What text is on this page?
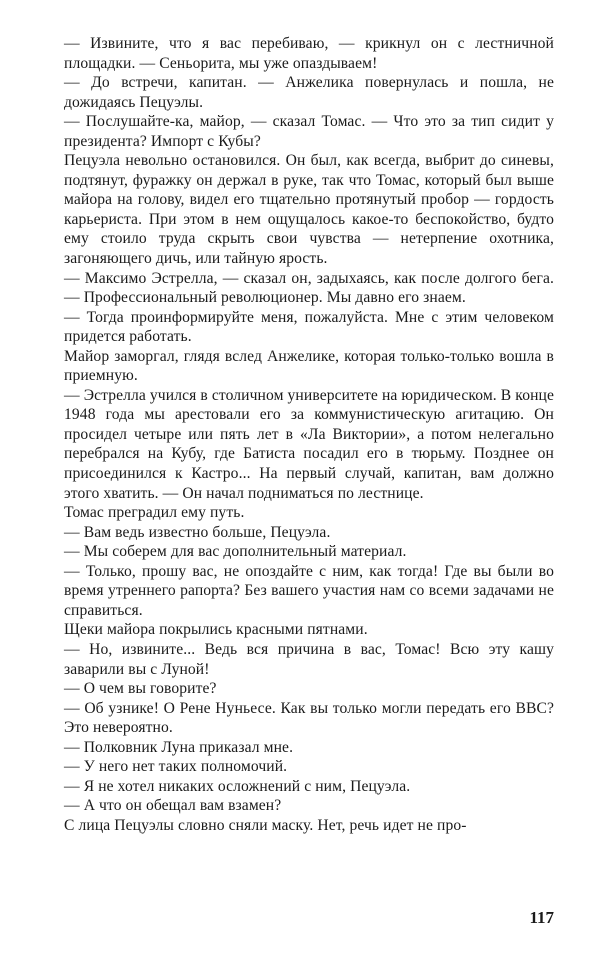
— Извините, что я вас перебиваю, — крикнул он с лестничной площадки. — Сеньорита, мы уже опаздываем!

— До встречи, капитан. — Анжелика повернулась и пошла, не дожидаясь Пецуэлы.

— Послушайте-ка, майор, — сказал Томас. — Что это за тип сидит у президента? Импорт с Кубы?

Пецуэла невольно остановился. Он был, как всегда, выбрит до синевы, подтянут, фуражку он держал в руке, так что Томас, который был выше майора на голову, видел его тщательно протянутый пробор — гордость карьериста. При этом в нем ощущалось какое-то беспокойство, будто ему стоило труда скрыть свои чувства — нетерпение охотника, загоняющего дичь, или тайную ярость.

— Максимо Эстрелла, — сказал он, задыхаясь, как после долгого бега. — Профессиональный революционер. Мы давно его знаем.

— Тогда проинформируйте меня, пожалуйста. Мне с этим человеком придется работать.

Майор заморгал, глядя вслед Анжелике, которая только-только вошла в приемную.

— Эстрелла учился в столичном университете на юридическом. В конце 1948 года мы арестовали его за коммунистическую агитацию. Он просидел четыре или пять лет в «Ла Виктории», а потом нелегально перебрался на Кубу, где Батиста посадил его в тюрьму. Позднее он присоединился к Кастро... На первый случай, капитан, вам должно этого хватить. — Он начал подниматься по лестнице.

Томас преградил ему путь.

— Вам ведь известно больше, Пецуэла.

— Мы соберем для вас дополнительный материал.

— Только, прошу вас, не опоздайте с ним, как тогда! Где вы были во время утреннего рапорта? Без вашего участия нам со всеми задачами не справиться.

Щеки майора покрылись красными пятнами.

— Но, извините... Ведь вся причина в вас, Томас! Всю эту кашу заварили вы с Луной!

— О чем вы говорите?

— Об узнике! О Рене Нуньесе. Как вы только могли передать его ВВС? Это невероятно.

— Полковник Луна приказал мне.

— У него нет таких полномочий.

— Я не хотел никаких осложнений с ним, Пецуэла.

— А что он обещал вам взамен?

С лица Пецуэлы словно сняли маску. Нет, речь идет не про-

117
